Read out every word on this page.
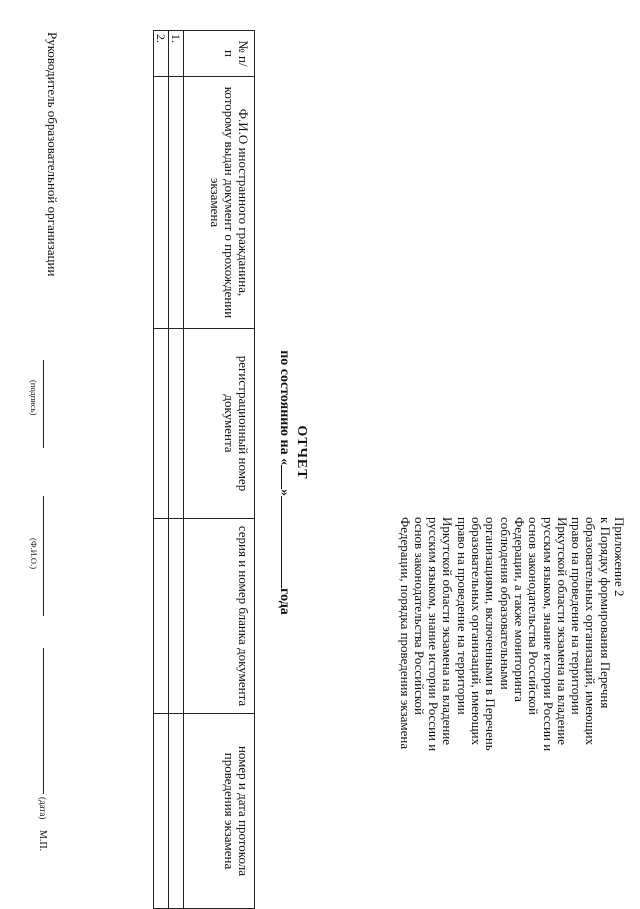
Приложение 2
к Порядку формирования Перечня
образовательных организаций, имеющих
право на проведение на территории
Иркутской области экзамена на владение
русским языком, знание истории России и
основ законодательства Российской
Федерации, а также мониторинга
соблюдения образовательными
организациями, включенными в Перечень
образовательных организаций, имеющих
право на проведение на территории
Иркутской области экзамена на владение
русским языком, знание истории России и
основ законодательства Российской
Федерации, порядка проведения экзамена
ОТЧЕТ
по состоянию на «»года
№ п/п	Ф.И.О иностранного гражданина, которому выдан документ о прохождении экзамена	регистрационный номер документа	серия и номер бланка документа	номер и дата протокола проведения экзамена
1.				
2.				
Руководитель образовательной организации
(подпись)
(Ф.И.О.)
(дата)
М.П.
